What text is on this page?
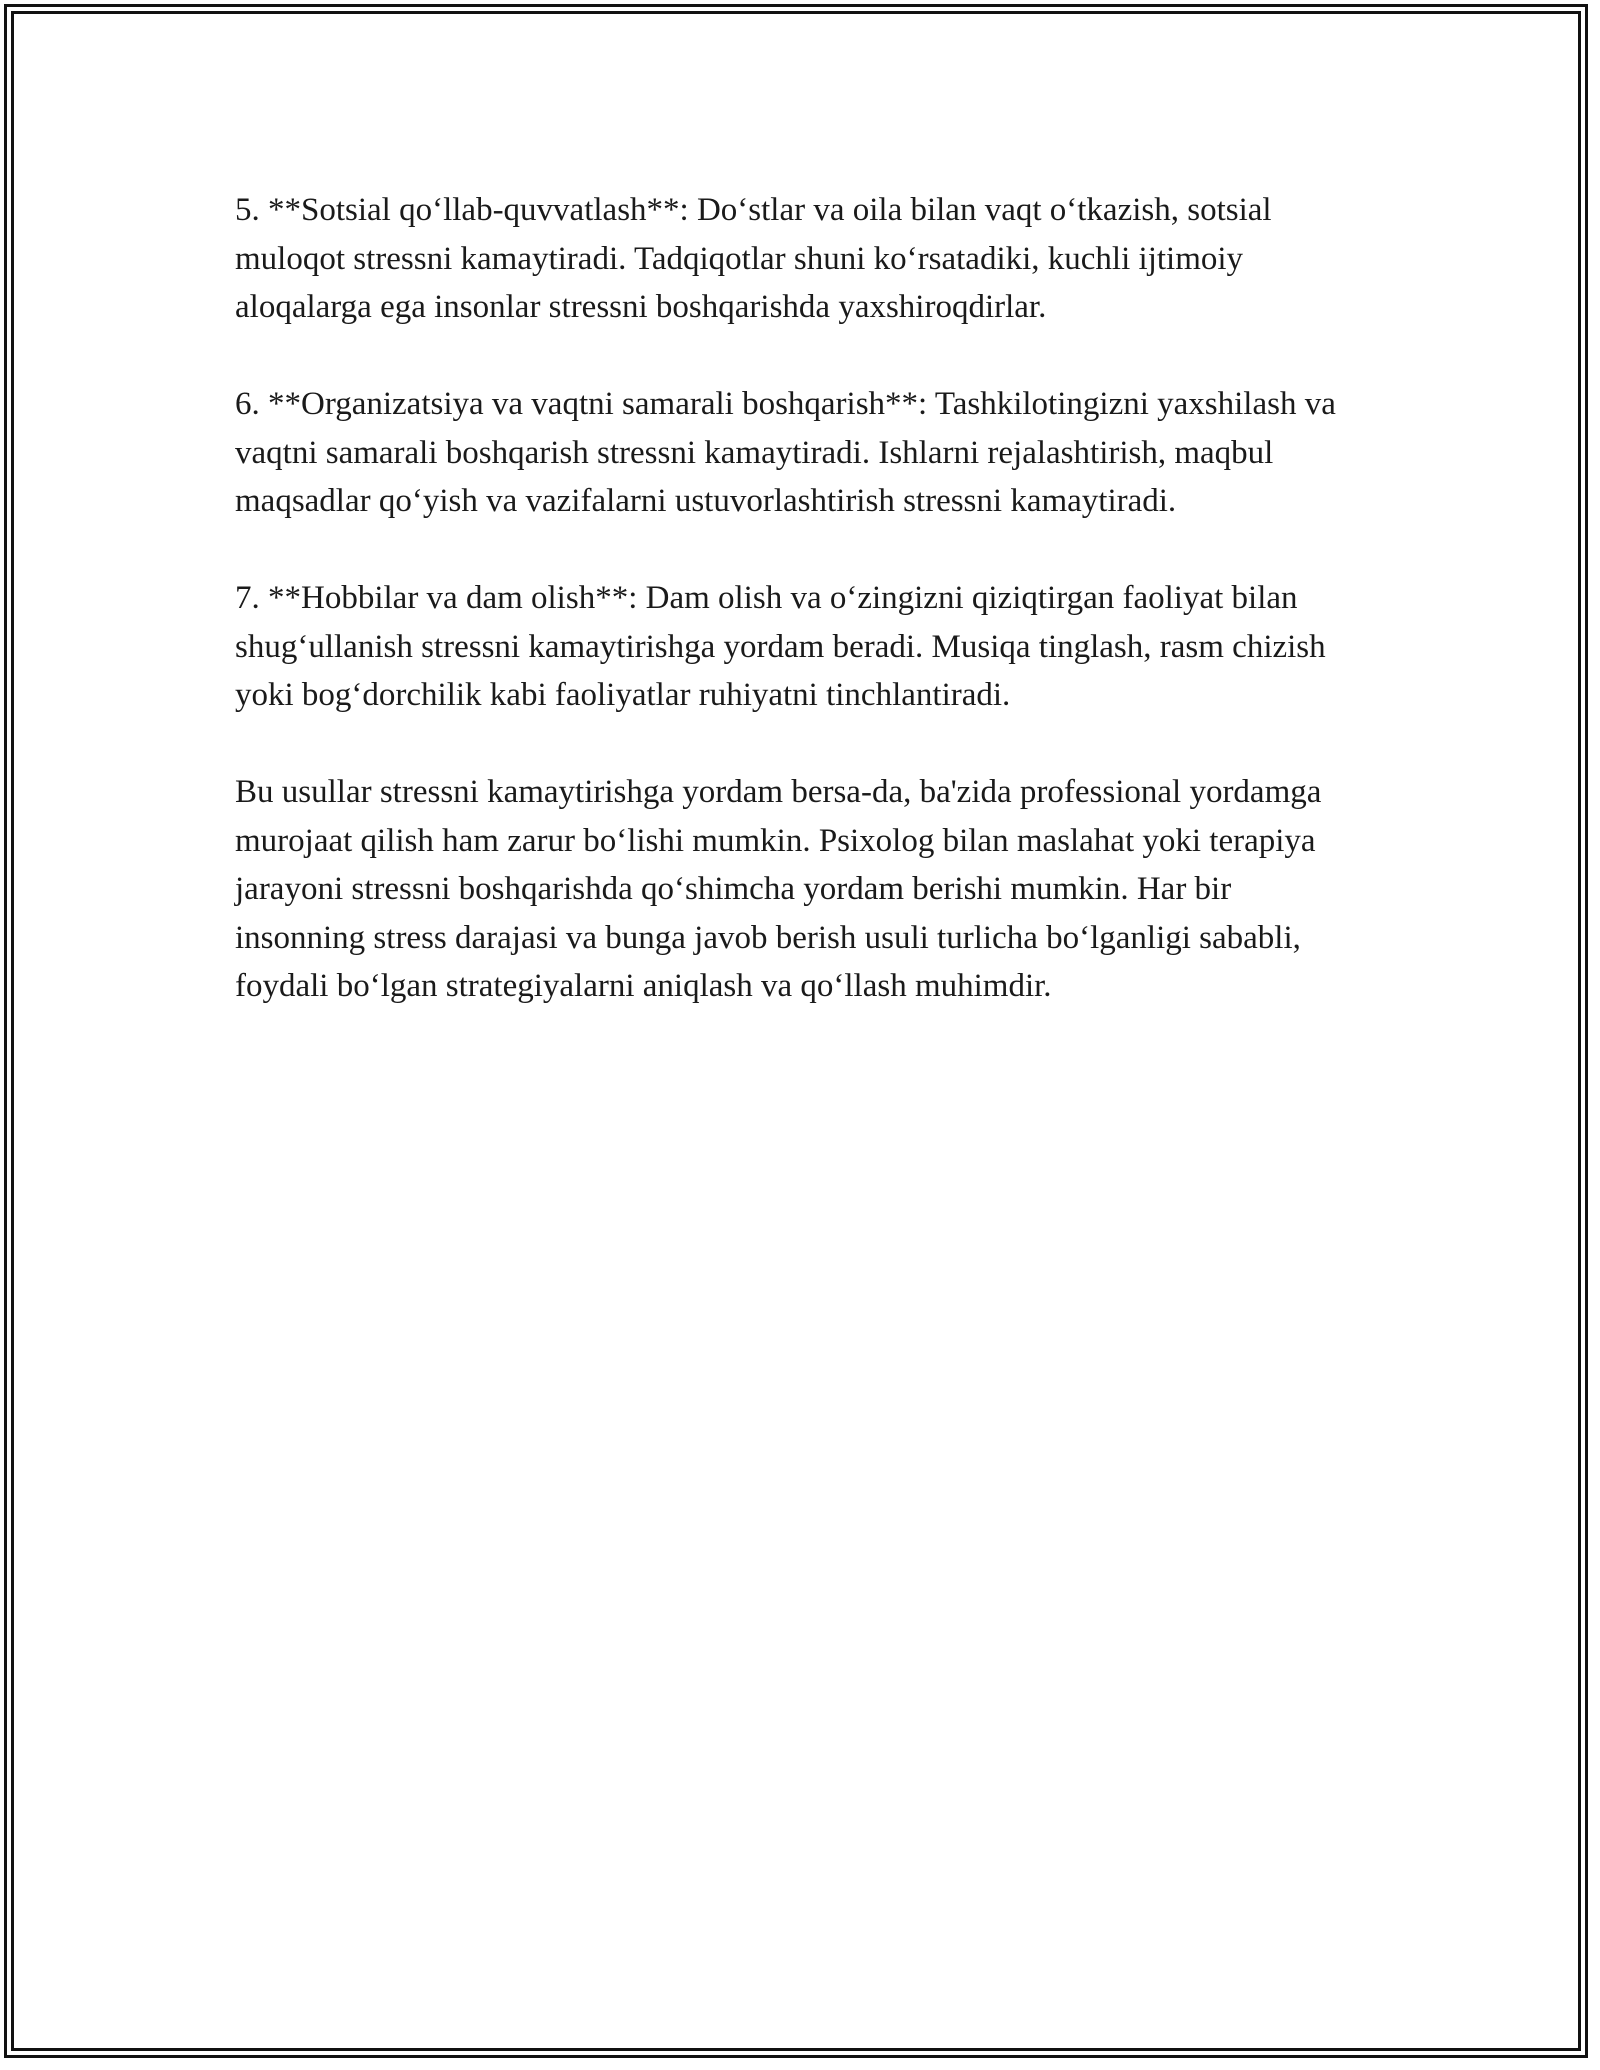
5. **Sotsial qo‘llab-quvvatlash**: Do‘stlar va oila bilan vaqt o‘tkazish, sotsial muloqot stressni kamaytiradi. Tadqiqotlar shuni ko‘rsatadiki, kuchli ijtimoiy aloqalarga ega insonlar stressni boshqarishda yaxshiroqdirlar.

6. **Organizatsiya va vaqtni samarali boshqarish**: Tashkilotingizni yaxshilash va vaqtni samarali boshqarish stressni kamaytiradi. Ishlarni rejalashtirish, maqbul maqsadlar qo‘yish va vazifalarni ustuvorlashtirish stressni kamaytiradi.

7. **Hobbilar va dam olish**: Dam olish va o‘zingizni qiziqtirgan faoliyat bilan shug‘ullanish stressni kamaytirishga yordam beradi. Musiqa tinglash, rasm chizish yoki bog‘dorchilik kabi faoliyatlar ruhiyatni tinchlantiradi.

Bu usullar stressni kamaytirishga yordam bersa-da, ba'zida professional yordamga murojaat qilish ham zarur bo‘lishi mumkin. Psixolog bilan maslahat yoki terapiya jarayoni stressni boshqarishda qo‘shimcha yordam berishi mumkin. Har bir insonning stress darajasi va bunga javob berish usuli turlicha bo‘lganligi sababli, foydali bo‘lgan strategiyalarni aniqlash va qo‘llash muhimdir.
